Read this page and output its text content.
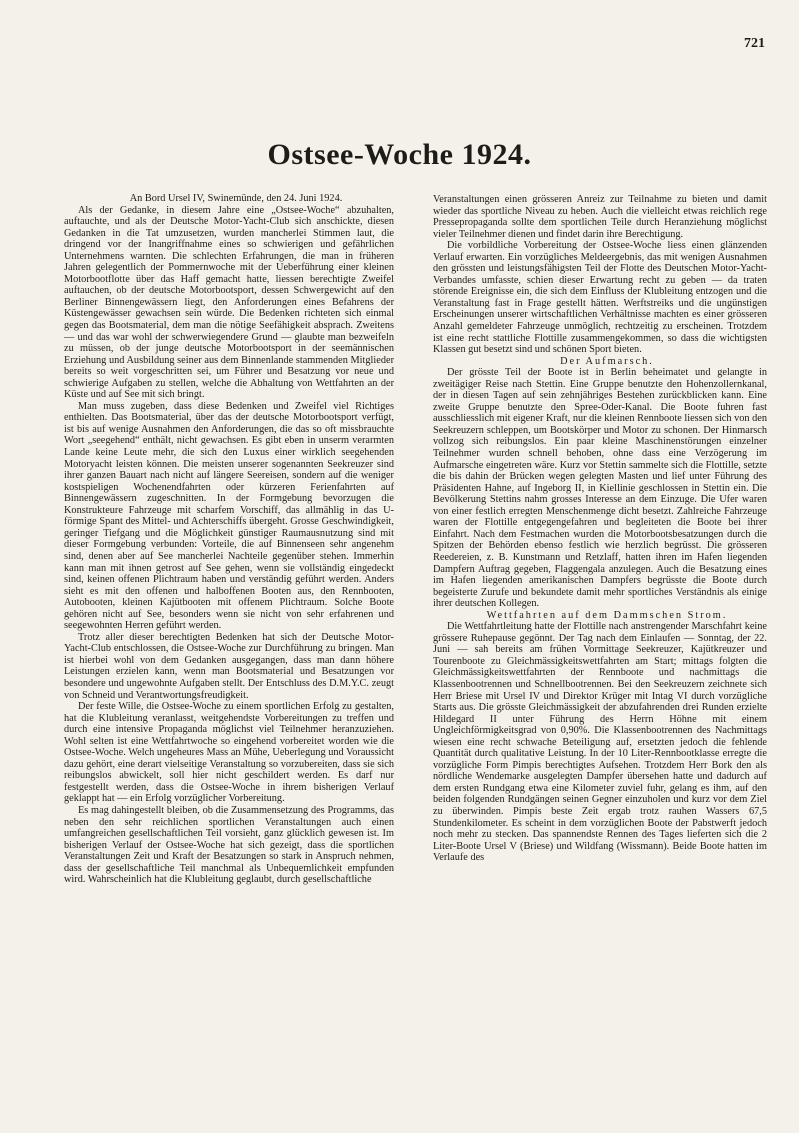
721
Ostsee-Woche 1924.

An Bord Ursel IV, Swinemünde, den 24. Juni 1924.

Als der Gedanke, in diesem Jahre eine „Ostsee-Woche“ abzuhalten, auftauchte, und als der Deutsche Motor-Yacht-Club sich anschickte, diesen Gedanken in die Tat umzusetzen, wurden mancherlei Stimmen laut, die dringend vor der Inangriffnahme eines so schwierigen und gefährlichen Unternehmens warnten. Die schlechten Erfahrungen, die man in früheren Jahren gelegentlich der Pommernwoche mit der Ueberführung einer kleinen Motorbootflotte über das Haff gemacht hatte, liessen berechtigte Zweifel auftauchen, ob der deutsche Motorbootsport, dessen Schwergewicht auf den Berliner Binnengewässern liegt, den Anforderungen eines Befahrens der Küstengewässer gewachsen sein würde. Die Bedenken richteten sich einmal gegen das Bootsmaterial, dem man die nötige Seefähigkeit absprach. Zweitens — und das war wohl der schwerwiegendere Grund — glaubte man bezweifeln zu müssen, ob der junge deutsche Motorbootsport in der seemännischen Erziehung und Ausbildung seiner aus dem Binnenlande stammenden Mitglieder bereits so weit vorgeschritten sei, um Führer und Besatzung vor neue und schwierige Aufgaben zu stellen, welche die Abhaltung von Wettfahrten an der Küste und auf See mit sich bringt.

Man muss zugeben, dass diese Bedenken und Zweifel viel Richtiges enthielten. Das Bootsmaterial, über das der deutsche Motorbootsport verfügt, ist bis auf wenige Ausnahmen den Anforderungen, die das so oft missbrauchte Wort „seegehend“ enthält, nicht gewachsen. Es gibt eben in unserm verarmten Lande keine Leute mehr, die sich den Luxus einer wirklich seegehenden Motoryacht leisten können. Die meisten unserer sogenannten Seekreuzer sind ihrer ganzen Bauart nach nicht auf längere Seereisen, sondern auf die weniger kostspieligen Wochenendfahrten oder kürzeren Ferienfahrten auf Binnengewässern zugeschnitten. In der Formgebung bevorzugen die Konstrukteure Fahrzeuge mit scharfem Vorschiff, das allmählig in das U-förmige Spant des Mittel- und Achterschiffs übergeht. Grosse Geschwindigkeit, geringer Tiefgang und die Möglichkeit günstiger Raumausnutzung sind mit dieser Formgebung verbunden: Vorteile, die auf Binnenseen sehr angenehm sind, denen aber auf See mancherlei Nachteile gegenüber stehen. Immerhin kann man mit ihnen getrost auf See gehen, wenn sie vollständig eingedeckt sind, keinen offenen Plichtraum haben und verständig geführt werden. Anders sieht es mit den offenen und halboffenen Booten aus, den Rennbooten, Autobooten, kleinen Kajütbooten mit offenem Plichtraum. Solche Boote gehören nicht auf See, besonders wenn sie nicht von sehr erfahrenen und seegewohnten Herren geführt werden.

Trotz aller dieser berechtigten Bedenken hat sich der Deutsche Motor-Yacht-Club entschlossen, die Ostsee-Woche zur Durchführung zu bringen. Man ist hierbei wohl von dem Gedanken ausgegangen, dass man dann höhere Leistungen erzielen kann, wenn man Bootsmaterial und Besatzungen vor besondere und ungewohnte Aufgaben stellt. Der Entschluss des D.M.Y.C. zeugt von Schneid und Verantwortungsfreudigkeit.

Der feste Wille, die Ostsee-Woche zu einem sportlichen Erfolg zu gestalten, hat die Klubleitung veranlasst, weitgehendste Vorbereitungen zu treffen und durch eine intensive Propaganda möglichst viel Teilnehmer heranzuziehen. Wohl selten ist eine Wettfahrtwoche so eingehend vorbereitet worden wie die Ostsee-Woche. Welch ungeheures Mass an Mühe, Ueberlegung und Voraussicht dazu gehört, eine derart vielseitige Veranstaltung so vorzubereiten, dass sie sich reibungslos abwickelt, soll hier nicht geschildert werden. Es darf nur festgestellt werden, dass die Ostsee-Woche in ihrem bisherigen Verlauf geklappt hat — ein Erfolg vorzüglicher Vorbereitung.

Es mag dahingestellt bleiben, ob die Zusammensetzung des Programms, das neben den sehr reichlichen sportlichen Veranstaltungen auch einen umfangreichen gesellschaftlichen Teil vorsieht, ganz glücklich gewesen ist. Im bisherigen Verlauf der Ostsee-Woche hat sich gezeigt, dass die sportlichen Veranstaltungen Zeit und Kraft der Besatzungen so stark in Anspruch nehmen, dass der gesellschaftliche Teil manchmal als Unbequemlichkeit empfunden wird. Wahrscheinlich hat die Klubleitung geglaubt, durch gesellschaftliche

Veranstaltungen einen grösseren Anreiz zur Teilnahme zu bieten und damit wieder das sportliche Niveau zu heben. Auch die vielleicht etwas reichlich rege Pressepropaganda sollte dem sportlichen Teile durch Heranziehung möglichst vieler Teilnehmer dienen und findet darin ihre Berechtigung.

Die vorbildliche Vorbereitung der Ostsee-Woche liess einen glänzenden Verlauf erwarten. Ein vorzügliches Meldeergebnis, das mit wenigen Ausnahmen den grössten und leistungsfähigsten Teil der Flotte des Deutschen Motor-Yacht-Verbandes umfasste, schien dieser Erwartung recht zu geben — da traten störende Ereignisse ein, die sich dem Einfluss der Klubleitung entzogen und die Veranstaltung fast in Frage gestellt hätten. Werftstreiks und die ungünstigen Erscheinungen unserer wirtschaftlichen Verhältnisse machten es einer grösseren Anzahl gemeldeter Fahrzeuge unmöglich, rechtzeitig zu erscheinen. Trotzdem ist eine recht stattliche Flottille zusammengekommen, so dass die wichtigsten Klassen gut besetzt sind und schönen Sport bieten.

Der Aufmarsch.

Der grösste Teil der Boote ist in Berlin beheimatet und gelangte in zweitägiger Reise nach Stettin. Eine Gruppe benutzte den Hohenzollernkanal, der in diesen Tagen auf sein zehnjähriges Bestehen zurückblicken kann. Eine zweite Gruppe benutzte den Spree-Oder-Kanal. Die Boote fuhren fast ausschliesslich mit eigener Kraft, nur die kleinen Rennboote liessen sich von den Seekreuzern schleppen, um Bootskörper und Motor zu schonen. Der Hinmarsch vollzog sich reibungslos. Ein paar kleine Maschinenstörungen einzelner Teilnehmer wurden schnell behoben, ohne dass eine Verzögerung im Aufmarsche eingetreten wäre. Kurz vor Stettin sammelte sich die Flottille, setzte die bis dahin der Brücken wegen gelegten Masten und lief unter Führung des Präsidenten Hahne, auf Ingeborg II, in Kiellinie geschlossen in Stettin ein. Die Bevölkerung Stettins nahm grosses Interesse an dem Einzuge. Die Ufer waren von einer festlich erregten Menschenmenge dicht besetzt. Zahlreiche Fahrzeuge waren der Flottille entgegengefahren und begleiteten die Boote bei ihrer Einfahrt. Nach dem Festmachen wurden die Motorbootsbesatzungen durch die Spitzen der Behörden ebenso festlich wie herzlich begrüsst. Die grösseren Reedereien, z. B. Kunstmann und Retzlaff, hatten ihren im Hafen liegenden Dampfern Auftrag gegeben, Flaggengala anzulegen. Auch die Besatzung eines im Hafen liegenden amerikanischen Dampfers begrüsste die Boote durch begeisterte Zurufe und bekundete damit mehr sportliches Verständnis als einige ihrer deutschen Kollegen.

Wettfahrten auf dem Dammschen Strom.

Die Wettfahrtleitung hatte der Flottille nach anstrengender Marschfahrt keine grössere Ruhepause gegönnt. Der Tag nach dem Einlaufen — Sonntag, der 22. Juni — sah bereits am frühen Vormittage Seekreuzer, Kajütkreuzer und Tourenboote zu Gleichmässigkeitswettfahrten am Start; mittags folgten die Gleichmässigkeitswettfahrten der Rennboote und nachmittags die Klassenbootrennen und Schnellbootrennen. Bei den Seekreuzern zeichnete sich Herr Briese mit Ursel IV und Direktor Krüger mit Intag VI durch vorzügliche Starts aus. Die grösste Gleichmässigkeit der abzufahrenden drei Runden erzielte Hildegard II unter Führung des Herrn Höhne mit einem Ungleichförmigkeitsgrad von 0,90%. Die Klassenbootrennen des Nachmittags wiesen eine recht schwache Beteiligung auf, ersetzten jedoch die fehlende Quantität durch qualitative Leistung. In der 10 Liter-Rennbootklasse erregte die vorzügliche Form Pimpis berechtigtes Aufsehen. Trotzdem Herr Bork den als nördliche Wendemarke ausgelegten Dampfer übersehen hatte und dadurch auf dem ersten Rundgang etwa eine Kilometer zuviel fuhr, gelang es ihm, auf den beiden folgenden Rundgängen seinen Gegner einzuholen und kurz vor dem Ziel zu überwinden. Pimpis beste Zeit ergab trotz rauhen Wassers 67,5 Stundenkilometer. Es scheint in dem vorzüglichen Boote der Pabstwerft jedoch noch mehr zu stecken. Das spannendste Rennen des Tages lieferten sich die 2 Liter-Boote Ursel V (Briese) und Wildfang (Wissmann). Beide Boote hatten im Verlaufe des
